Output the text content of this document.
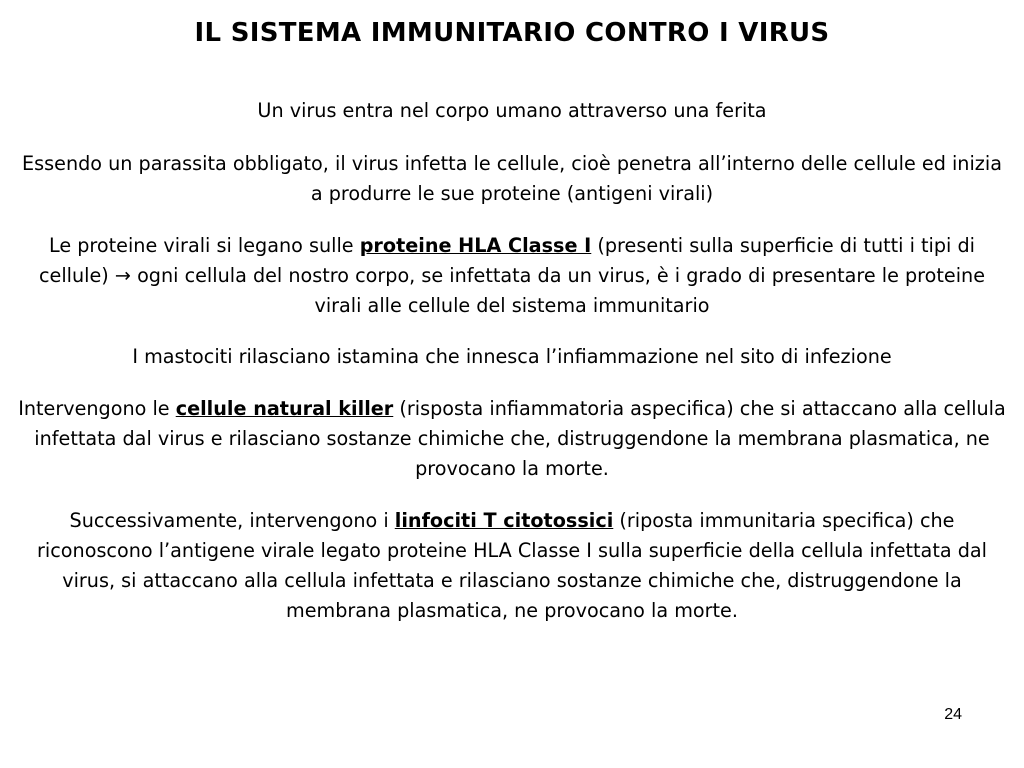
IL SISTEMA IMMUNITARIO CONTRO I VIRUS

Un virus entra nel corpo umano attraverso una ferita

Essendo un parassita obbligato, il virus infetta le cellule, cioè penetra all’interno delle cellule ed inizia a produrre le sue proteine (antigeni virali)

Le proteine virali si legano sulle proteine HLA Classe I (presenti sulla superficie di tutti i tipi di cellule) → ogni cellula del nostro corpo, se infettata da un virus, è i grado di presentare le proteine virali alle cellule del sistema immunitario

I mastociti rilasciano istamina che innesca l’infiammazione nel sito di infezione

Intervengono le cellule natural killer (risposta infiammatoria aspecifica) che si attaccano alla cellula infettata dal virus e rilasciano sostanze chimiche che, distruggendone la membrana plasmatica, ne provocano la morte.

Successivamente, intervengono i linfociti T citotossici (riposta immunitaria specifica) che riconoscono l’antigene virale legato proteine HLA Classe I sulla superficie della cellula infettata dal virus, si attaccano alla cellula infettata e rilasciano sostanze chimiche che, distruggendone la membrana plasmatica, ne provocano la morte.

24
